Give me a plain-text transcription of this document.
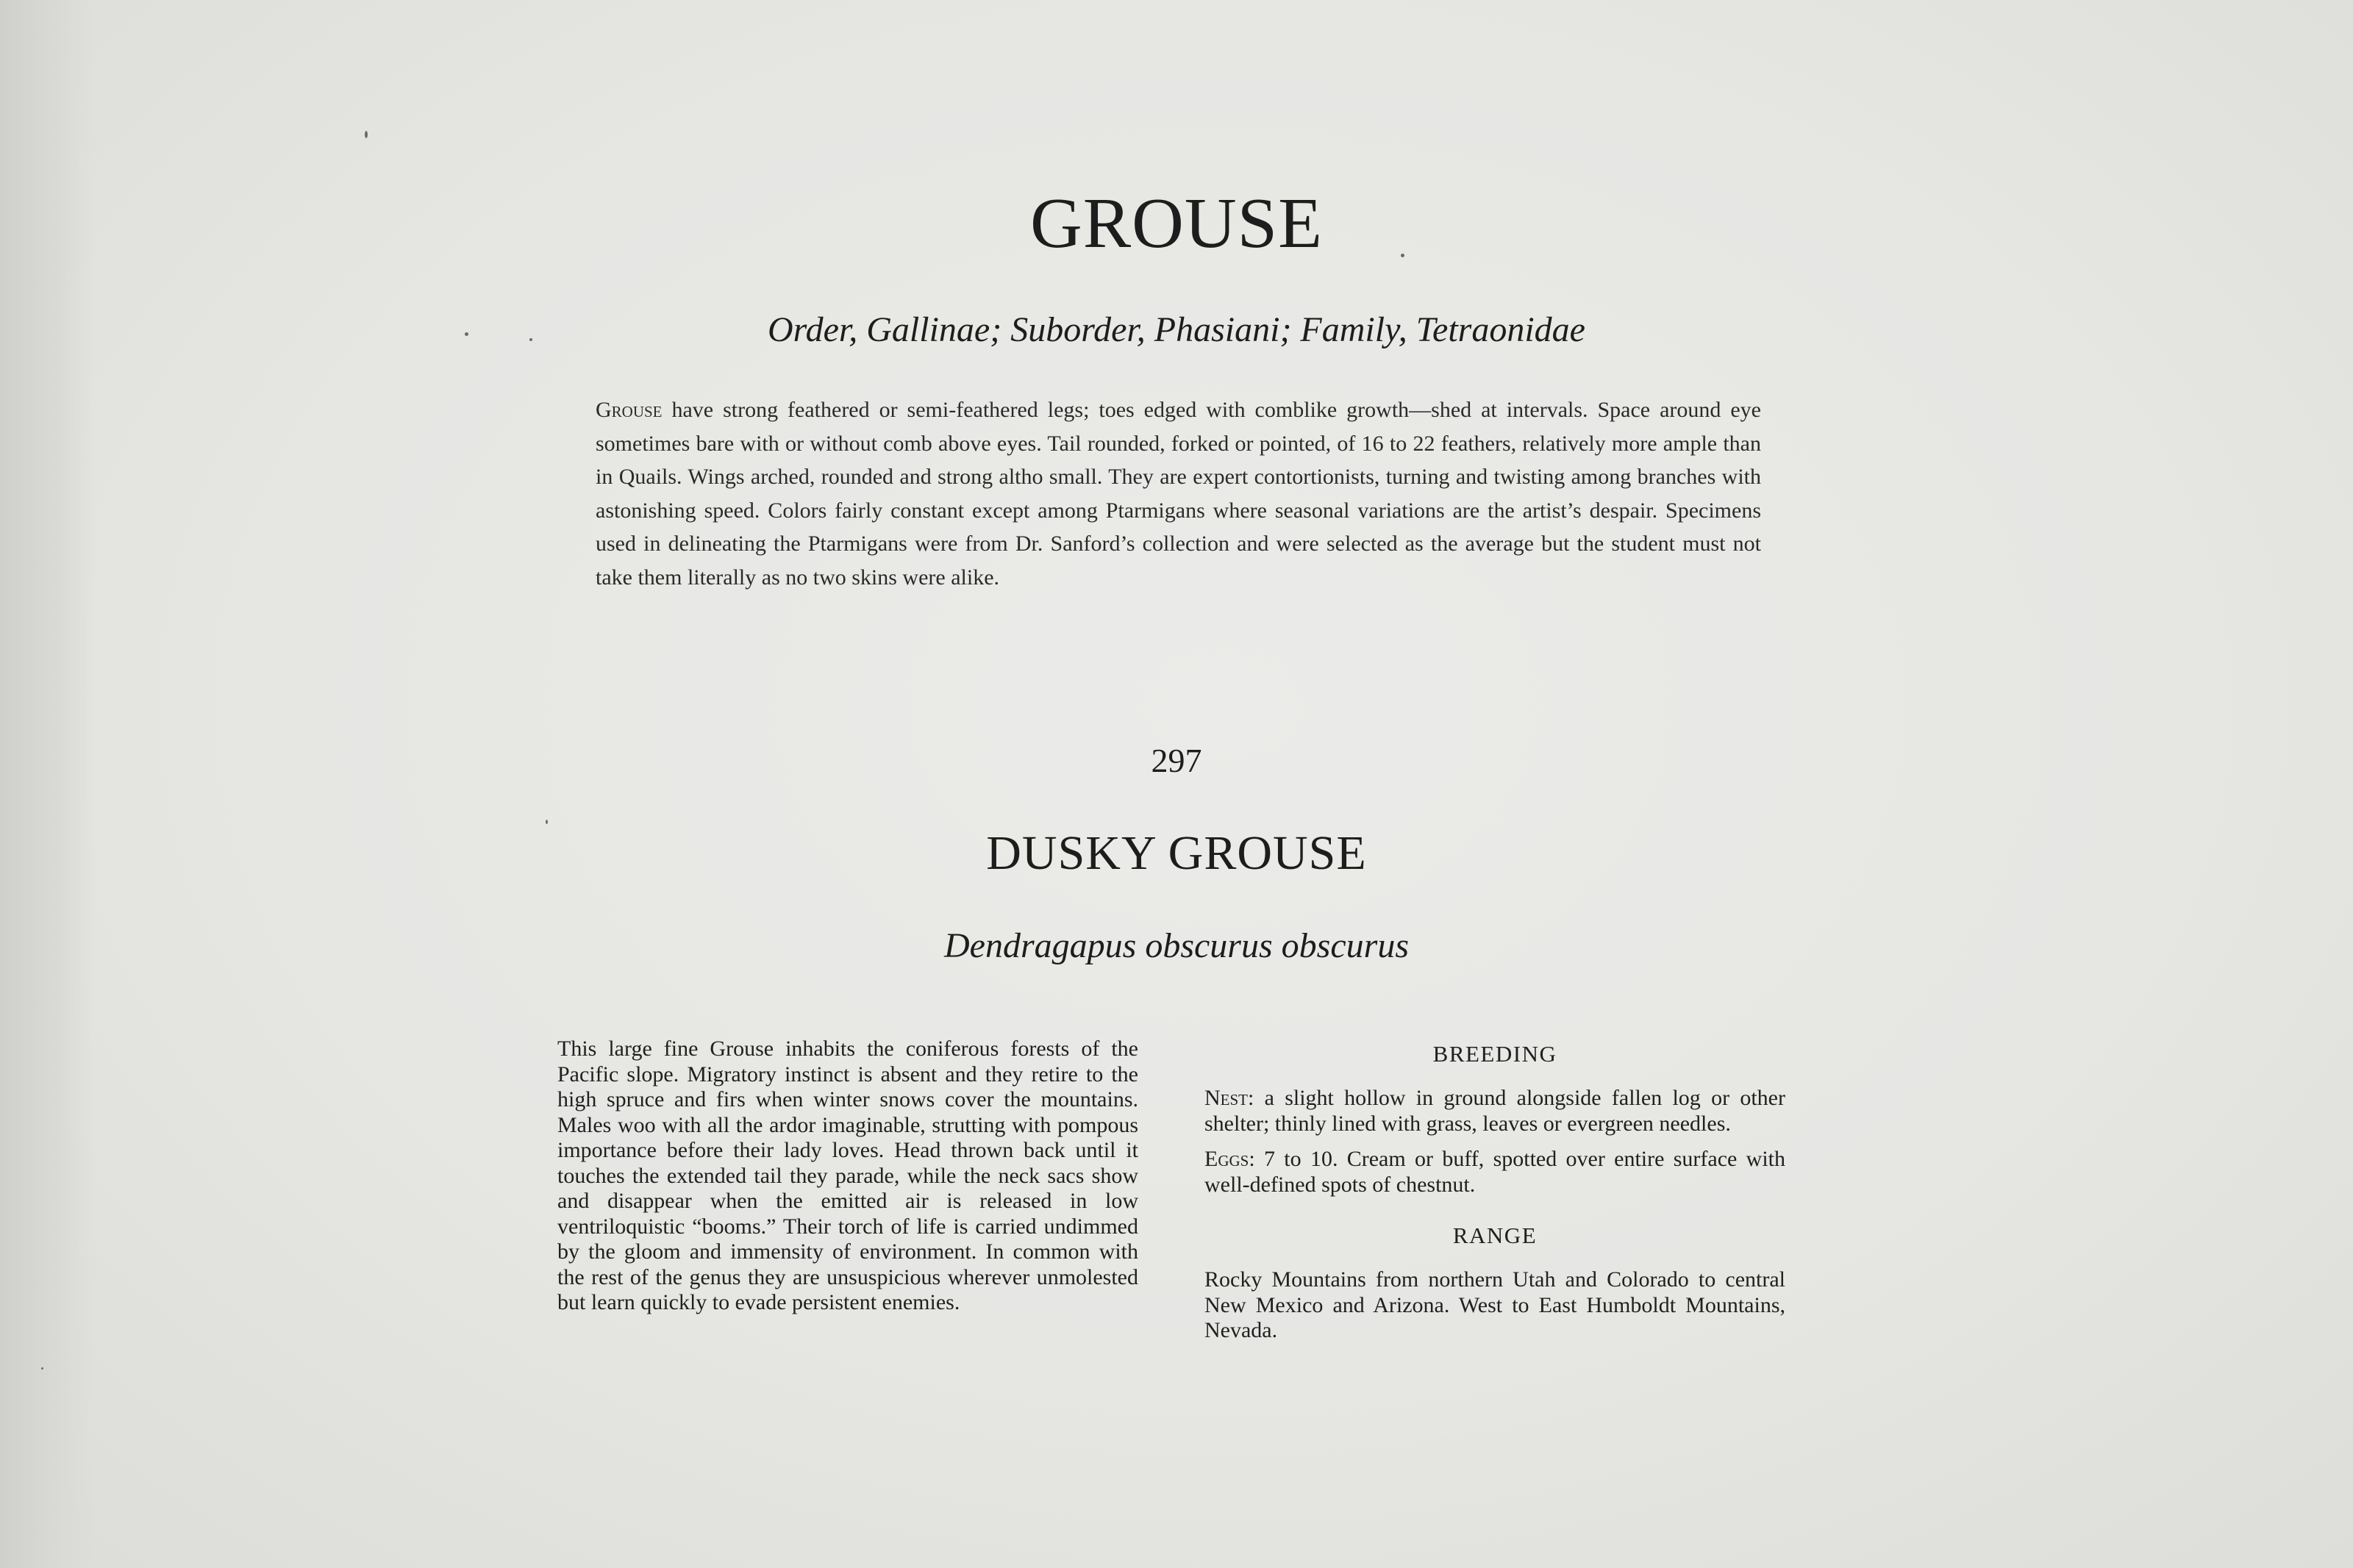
GROUSE
Order, Gallinae; Suborder, Phasiani; Family, Tetraonidae

Grouse have strong feathered or semi-feathered legs; toes edged with comblike growth—shed at intervals. Space around eye sometimes bare with or without comb above eyes. Tail rounded, forked or pointed, of 16 to 22 feathers, relatively more ample than in Quails. Wings arched, rounded and strong altho small. They are expert contortionists, turning and twisting among branches with astonishing speed. Colors fairly constant except among Ptarmigans where seasonal variations are the artist’s despair. Specimens used in delineating the Ptarmigans were from Dr. Sanford’s collection and were selected as the average but the student must not take them literally as no two skins were alike.

297
DUSKY GROUSE
Dendragapus obscurus obscurus

This large fine Grouse inhabits the coniferous forests of the Pacific slope. Migratory instinct is absent and they retire to the high spruce and firs when winter snows cover the mountains. Males woo with all the ardor imaginable, strutting with pompous importance before their lady loves. Head thrown back until it touches the extended tail they parade, while the neck sacs show and disappear when the emitted air is released in low ventriloquistic “booms.” Their torch of life is carried undimmed by the gloom and immensity of environment. In common with the rest of the genus they are unsuspicious wherever unmolested but learn quickly to evade persistent enemies.

BREEDING

Nest: a slight hollow in ground alongside fallen log or other shelter; thinly lined with grass, leaves or evergreen needles.

Eggs: 7 to 10. Cream or buff, spotted over entire surface with well-defined spots of chestnut.

RANGE

Rocky Mountains from northern Utah and Colorado to central New Mexico and Arizona. West to East Humboldt Mountains, Nevada.
